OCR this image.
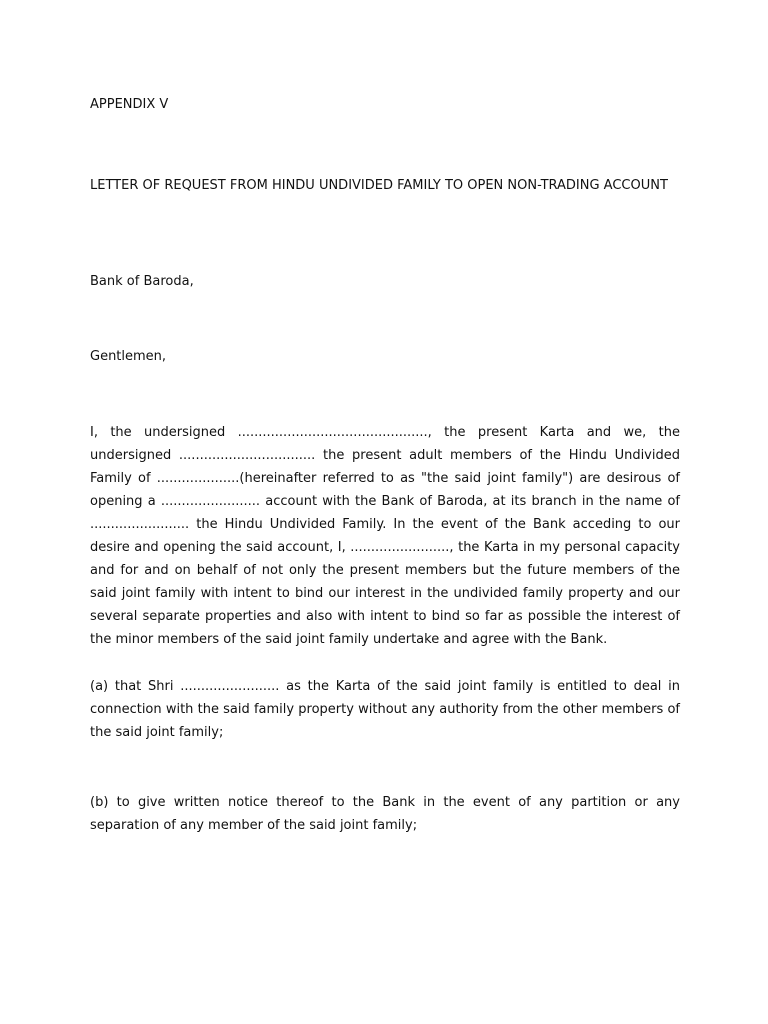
APPENDIX V

LETTER OF REQUEST FROM HINDU UNDIVIDED FAMILY TO OPEN NON-TRADING ACCOUNT

Bank of Baroda,

Gentlemen,

I, the undersigned .............................................., the present Karta and we, the undersigned ................................. the present adult members of the Hindu Undivided Family of ....................(hereinafter referred to as "the said joint family") are desirous of opening a ........................ account with the Bank of Baroda, at its branch in the name of ........................ the Hindu Undivided Family. In the event of the Bank acceding to our desire and opening the said account, I, ........................, the Karta in my personal capacity and for and on behalf of not only the present members but the future members of the said joint family with intent to bind our interest in the undivided family property and our several separate properties and also with intent to bind so far as possible the interest of the minor members of the said joint family undertake and agree with the Bank.

(a) that Shri ........................ as the Karta of the said joint family is entitled to deal in connection with the said family property without any authority from the other members of the said joint family;

(b) to give written notice thereof to the Bank in the event of any partition or any separation of any member of the said joint family;
